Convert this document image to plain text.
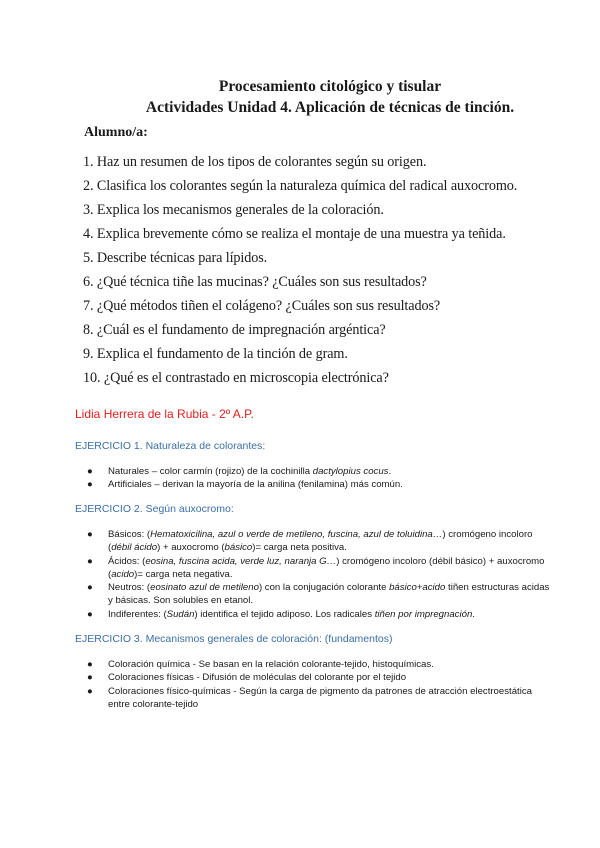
Procesamiento citológico y tisular
Actividades Unidad 4. Aplicación de técnicas de tinción.
Alumno/a:
1. Haz un resumen de los tipos de colorantes según su origen.
2. Clasifica los colorantes según la naturaleza química del radical auxocromo.
3. Explica los mecanismos generales de la coloración.
4. Explica brevemente cómo se realiza el montaje de una muestra ya teñida.
5. Describe técnicas para lípidos.
6. ¿Qué técnica tiñe las mucinas? ¿Cuáles son sus resultados?
7. ¿Qué métodos tiñen el colágeno? ¿Cuáles son sus resultados?
8. ¿Cuál es el fundamento de impregnación argéntica?
9. Explica el fundamento de la tinción de gram.
10. ¿Qué es el contrastado en microscopia electrónica?
Lidia Herrera de la Rubia - 2º A.P.
EJERCICIO 1. Naturaleza de colorantes:
● Naturales – color carmín (rojizo) de la cochinilla dactylopius cocus.
● Artificiales – derivan la mayoría de la anilina (fenilamina) más común.
EJERCICIO 2. Según auxocromo:
● Básicos: (Hematoxicilina, azul o verde de metileno, fuscina, azul de toluidina…) cromógeno incoloro (débil ácido) + auxocromo (básico)= carga neta positiva.
● Ácidos: (eosina, fuscina acida, verde luz, naranja G…) cromógeno incoloro (débil básico) + auxocromo (acido)= carga neta negativa.
● Neutros: (eosinato azul de metileno) con la conjugación colorante básico+acido tiñen estructuras acidas y básicas. Son solubles en etanol.
● Indiferentes: (Sudán) identifica el tejido adiposo. Los radicales tiñen por impregnación.
EJERCICIO 3. Mecanismos generales de coloración: (fundamentos)
● Coloración química - Se basan en la relación colorante-tejido, histoquímicas.
● Coloraciones físicas - Difusión de moléculas del colorante por el tejido
● Coloraciones físico-químicas - Según la carga de pigmento da patrones de atracción electroestática entre colorante-tejido
